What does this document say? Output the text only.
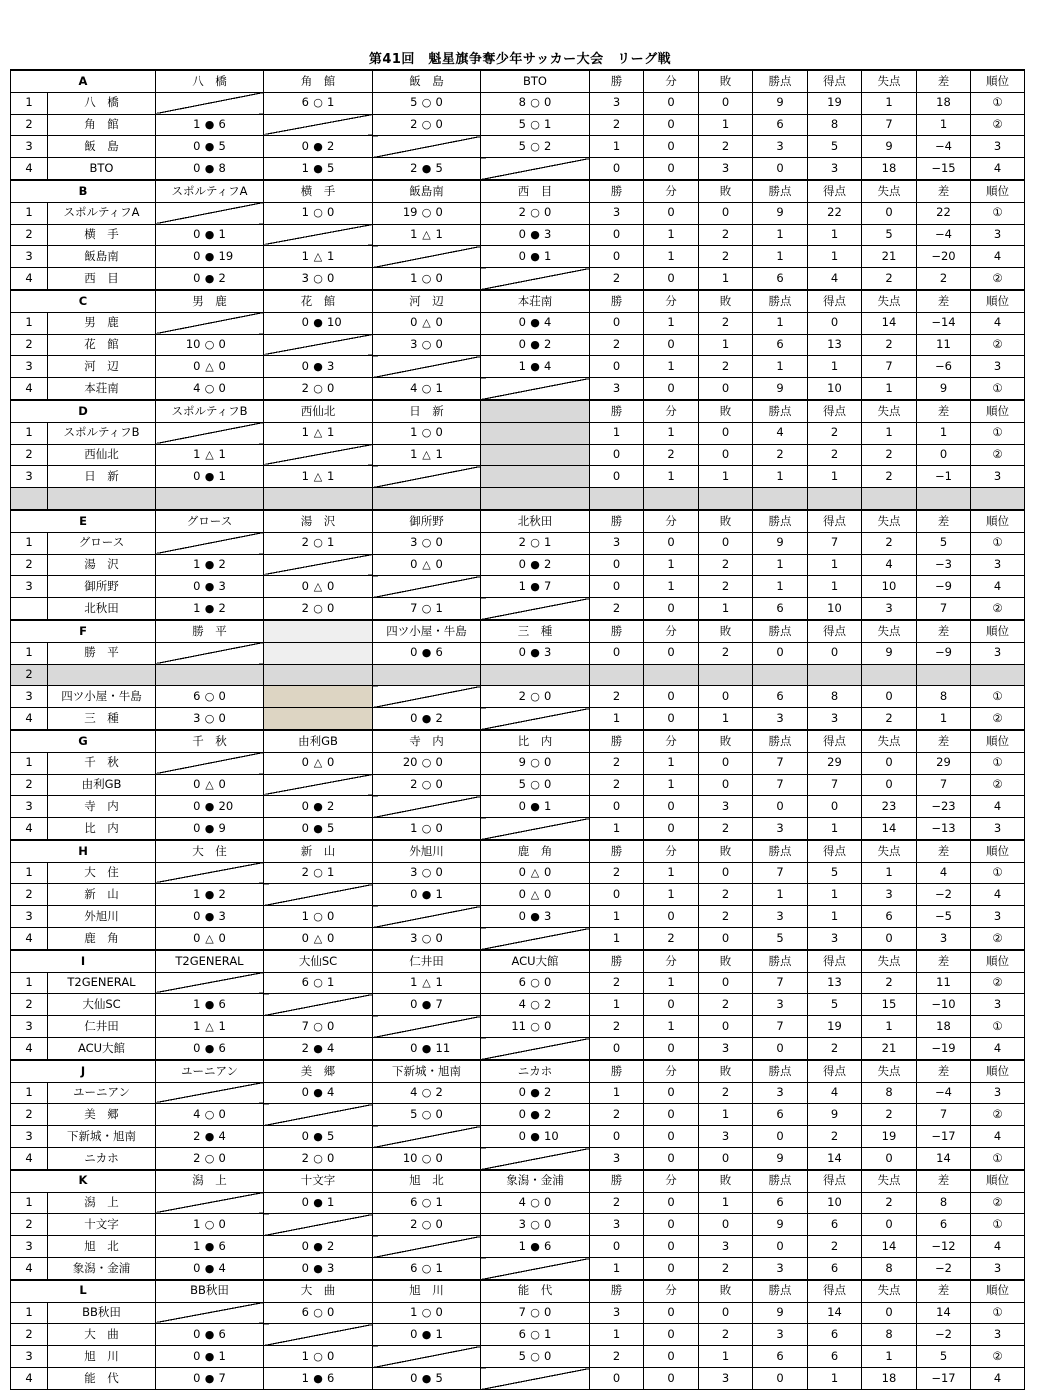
第41回　魁星旗争奪少年サッカー大会　リーグ戦
A		八　橋	角　館	飯　島	BTO	勝	分	敗	勝点	得点	失点	差	順位
1	八　橋		6 ○ 1	5 ○ 0	8 ○ 0	3	0	0	9	19	1	18	①
2	角　館	1 ● 6		2 ○ 0	5 ○ 1	2	0	1	6	8	7	1	②
3	飯　島	0 ● 5	0 ● 2		5 ○ 2	1	0	2	3	5	9	−4	3
4	BTO	0 ● 8	1 ● 5	2 ● 5		0	0	3	0	3	18	−15	4
B		スポルティフA	横　手	飯島南	西　目	勝	分	敗	勝点	得点	失点	差	順位
1	スポルティフA		1 ○ 0	19 ○ 0	2 ○ 0	3	0	0	9	22	0	22	①
2	横　手	0 ● 1		1 △ 1	0 ● 3	0	1	2	1	1	5	−4	3
3	飯島南	0 ● 19	1 △ 1		0 ● 1	0	1	2	1	1	21	−20	4
4	西　目	0 ● 2	3 ○ 0	1 ○ 0		2	0	1	6	4	2	2	②
C		男　鹿	花　館	河　辺	本荘南	勝	分	敗	勝点	得点	失点	差	順位
1	男　鹿		0 ● 10	0 △ 0	0 ● 4	0	1	2	1	0	14	−14	4
2	花　館	10 ○ 0		3 ○ 0	0 ● 2	2	0	1	6	13	2	11	②
3	河　辺	0 △ 0	0 ● 3		1 ● 4	0	1	2	1	1	7	−6	3
4	本荘南	4 ○ 0	2 ○ 0	4 ○ 1		3	0	0	9	10	1	9	①
D		スポルティフB	西仙北	日　新		勝	分	敗	勝点	得点	失点	差	順位
1	スポルティフB		1 △ 1	1 ○ 0		1	1	0	4	2	1	1	①
2	西仙北	1 △ 1		1 △ 1		0	2	0	2	2	2	0	②
3	日　新	0 ● 1	1 △ 1			0	1	1	1	1	2	−1	3

E		グロース	湯　沢	御所野	北秋田	勝	分	敗	勝点	得点	失点	差	順位
1	グロース		2 ○ 1	3 ○ 0	2 ○ 1	3	0	0	9	7	2	5	①
2	湯　沢	1 ● 2		0 △ 0	0 ● 2	0	1	2	1	1	4	−3	3
3	御所野	0 ● 3	0 △ 0		1 ● 7	0	1	2	1	1	10	−9	4
	北秋田	1 ● 2	2 ○ 0	7 ○ 1		2	0	1	6	10	3	7	②
F		勝　平		四ツ小屋・牛島	三　種	勝	分	敗	勝点	得点	失点	差	順位
1	勝　平			0 ● 6	0 ● 3	0	0	2	0	0	9	−9	3
2													
3	四ツ小屋・牛島	6 ○ 0			2 ○ 0	2	0	0	6	8	0	8	①
4	三　種	3 ○ 0		0 ● 2		1	0	1	3	3	2	1	②
G		千　秋	由利GB	寺　内	比　内	勝	分	敗	勝点	得点	失点	差	順位
1	千　秋		0 △ 0	20 ○ 0	9 ○ 0	2	1	0	7	29	0	29	①
2	由利GB	0 △ 0		2 ○ 0	5 ○ 0	2	1	0	7	7	0	7	②
3	寺　内	0 ● 20	0 ● 2		0 ● 1	0	0	3	0	0	23	−23	4
4	比　内	0 ● 9	0 ● 5	1 ○ 0		1	0	2	3	1	14	−13	3
H		大　住	新　山	外旭川	鹿　角	勝	分	敗	勝点	得点	失点	差	順位
1	大　住		2 ○ 1	3 ○ 0	0 △ 0	2	1	0	7	5	1	4	①
2	新　山	1 ● 2		0 ● 1	0 △ 0	0	1	2	1	1	3	−2	4
3	外旭川	0 ● 3	1 ○ 0		0 ● 3	1	0	2	3	1	6	−5	3
4	鹿　角	0 △ 0	0 △ 0	3 ○ 0		1	2	0	5	3	0	3	②
I		T2GENERAL	大仙SC	仁井田	ACU大館	勝	分	敗	勝点	得点	失点	差	順位
1	T2GENERAL		6 ○ 1	1 △ 1	6 ○ 0	2	1	0	7	13	2	11	②
2	大仙SC	1 ● 6		0 ● 7	4 ○ 2	1	0	2	3	5	15	−10	3
3	仁井田	1 △ 1	7 ○ 0		11 ○ 0	2	1	0	7	19	1	18	①
4	ACU大館	0 ● 6	2 ● 4	0 ● 11		0	0	3	0	2	21	−19	4
J		ユーニアン	美　郷	下新城・旭南	ニカホ	勝	分	敗	勝点	得点	失点	差	順位
1	ユーニアン		0 ● 4	4 ○ 2	0 ● 2	1	0	2	3	4	8	−4	3
2	美　郷	4 ○ 0		5 ○ 0	0 ● 2	2	0	1	6	9	2	7	②
3	下新城・旭南	2 ● 4	0 ● 5		0 ● 10	0	0	3	0	2	19	−17	4
4	ニカホ	2 ○ 0	2 ○ 0	10 ○ 0		3	0	0	9	14	0	14	①
K		潟　上	十文字	旭　北	象潟・金浦	勝	分	敗	勝点	得点	失点	差	順位
1	潟　上		0 ● 1	6 ○ 1	4 ○ 0	2	0	1	6	10	2	8	②
2	十文字	1 ○ 0		2 ○ 0	3 ○ 0	3	0	0	9	6	0	6	①
3	旭　北	1 ● 6	0 ● 2		1 ● 6	0	0	3	0	2	14	−12	4
4	象潟・金浦	0 ● 4	0 ● 3	6 ○ 1		1	0	2	3	6	8	−2	3
L		BB秋田	大　曲	旭　川	能　代	勝	分	敗	勝点	得点	失点	差	順位
1	BB秋田		6 ○ 0	1 ○ 0	7 ○ 0	3	0	0	9	14	0	14	①
2	大　曲	0 ● 6		0 ● 1	6 ○ 1	1	0	2	3	6	8	−2	3
3	旭　川	0 ● 1	1 ○ 0		5 ○ 0	2	0	1	6	6	1	5	②
4	能　代	0 ● 7	1 ● 6	0 ● 5		0	0	3	0	1	18	−17	4
